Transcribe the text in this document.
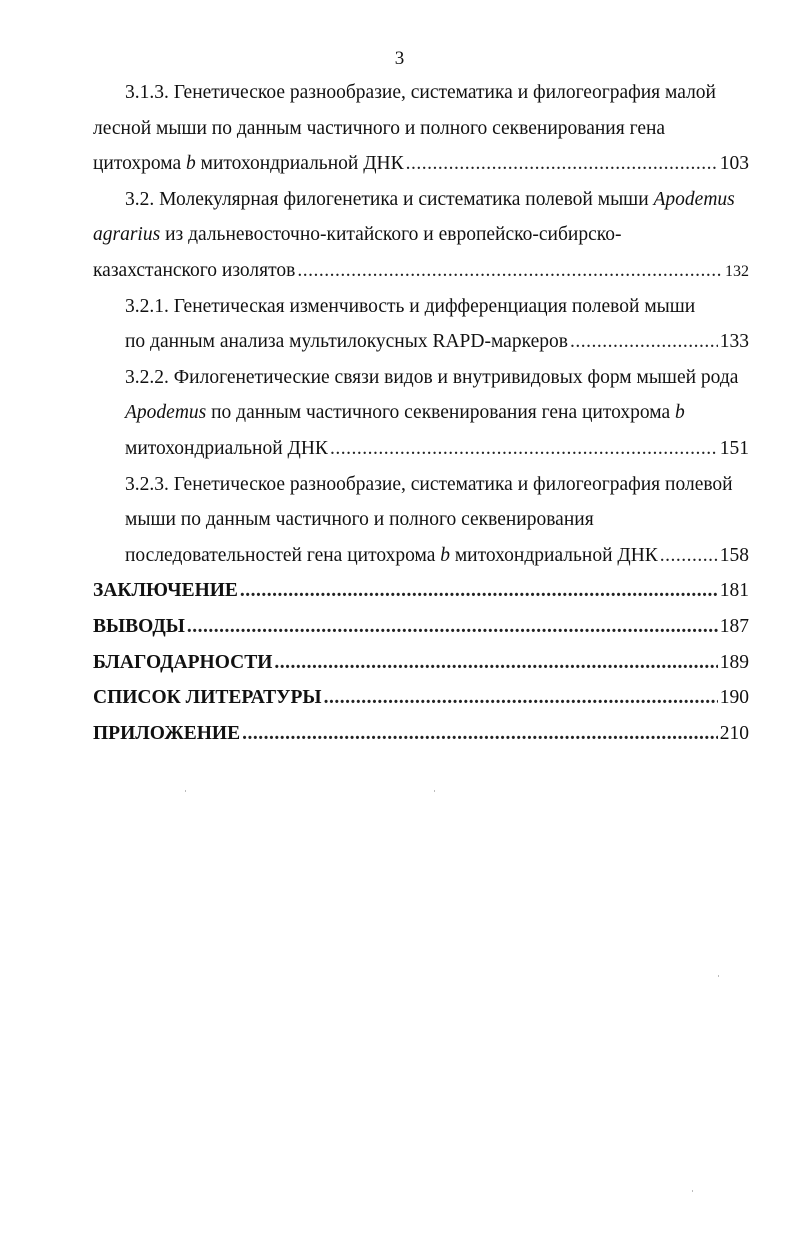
3
3.1.3. Генетическое разнообразие, систематика и филогеография малой
лесной мыши по данным частичного и полного секвенирования гена
цитохрома b митохондриальной ДНК .....	103
3.2. Молекулярная филогенетика и систематика полевой мыши Apodemus
agrarius из дальневосточно-китайского и европейско-сибирско-
казахстанского изолятов .....	132
3.2.1. Генетическая изменчивость и дифференциация полевой мыши
по данным анализа мультилокусных RAPD-маркеров .....	133
3.2.2. Филогенетические связи видов и внутривидовых форм мышей рода
Apodemus по данным частичного секвенирования гена цитохрома b
митохондриальной ДНК .....	151
3.2.3. Генетическое разнообразие, систематика и филогеография полевой
мыши по данным частичного и полного секвенирования
последовательностей гена цитохрома b митохондриальной ДНК .....	158
ЗАКЛЮЧЕНИЕ .....	181
ВЫВОДЫ .....	187
БЛАГОДАРНОСТИ .....	189
СПИСОК ЛИТЕРАТУРЫ .....	190
ПРИЛОЖЕНИЕ .....	210
